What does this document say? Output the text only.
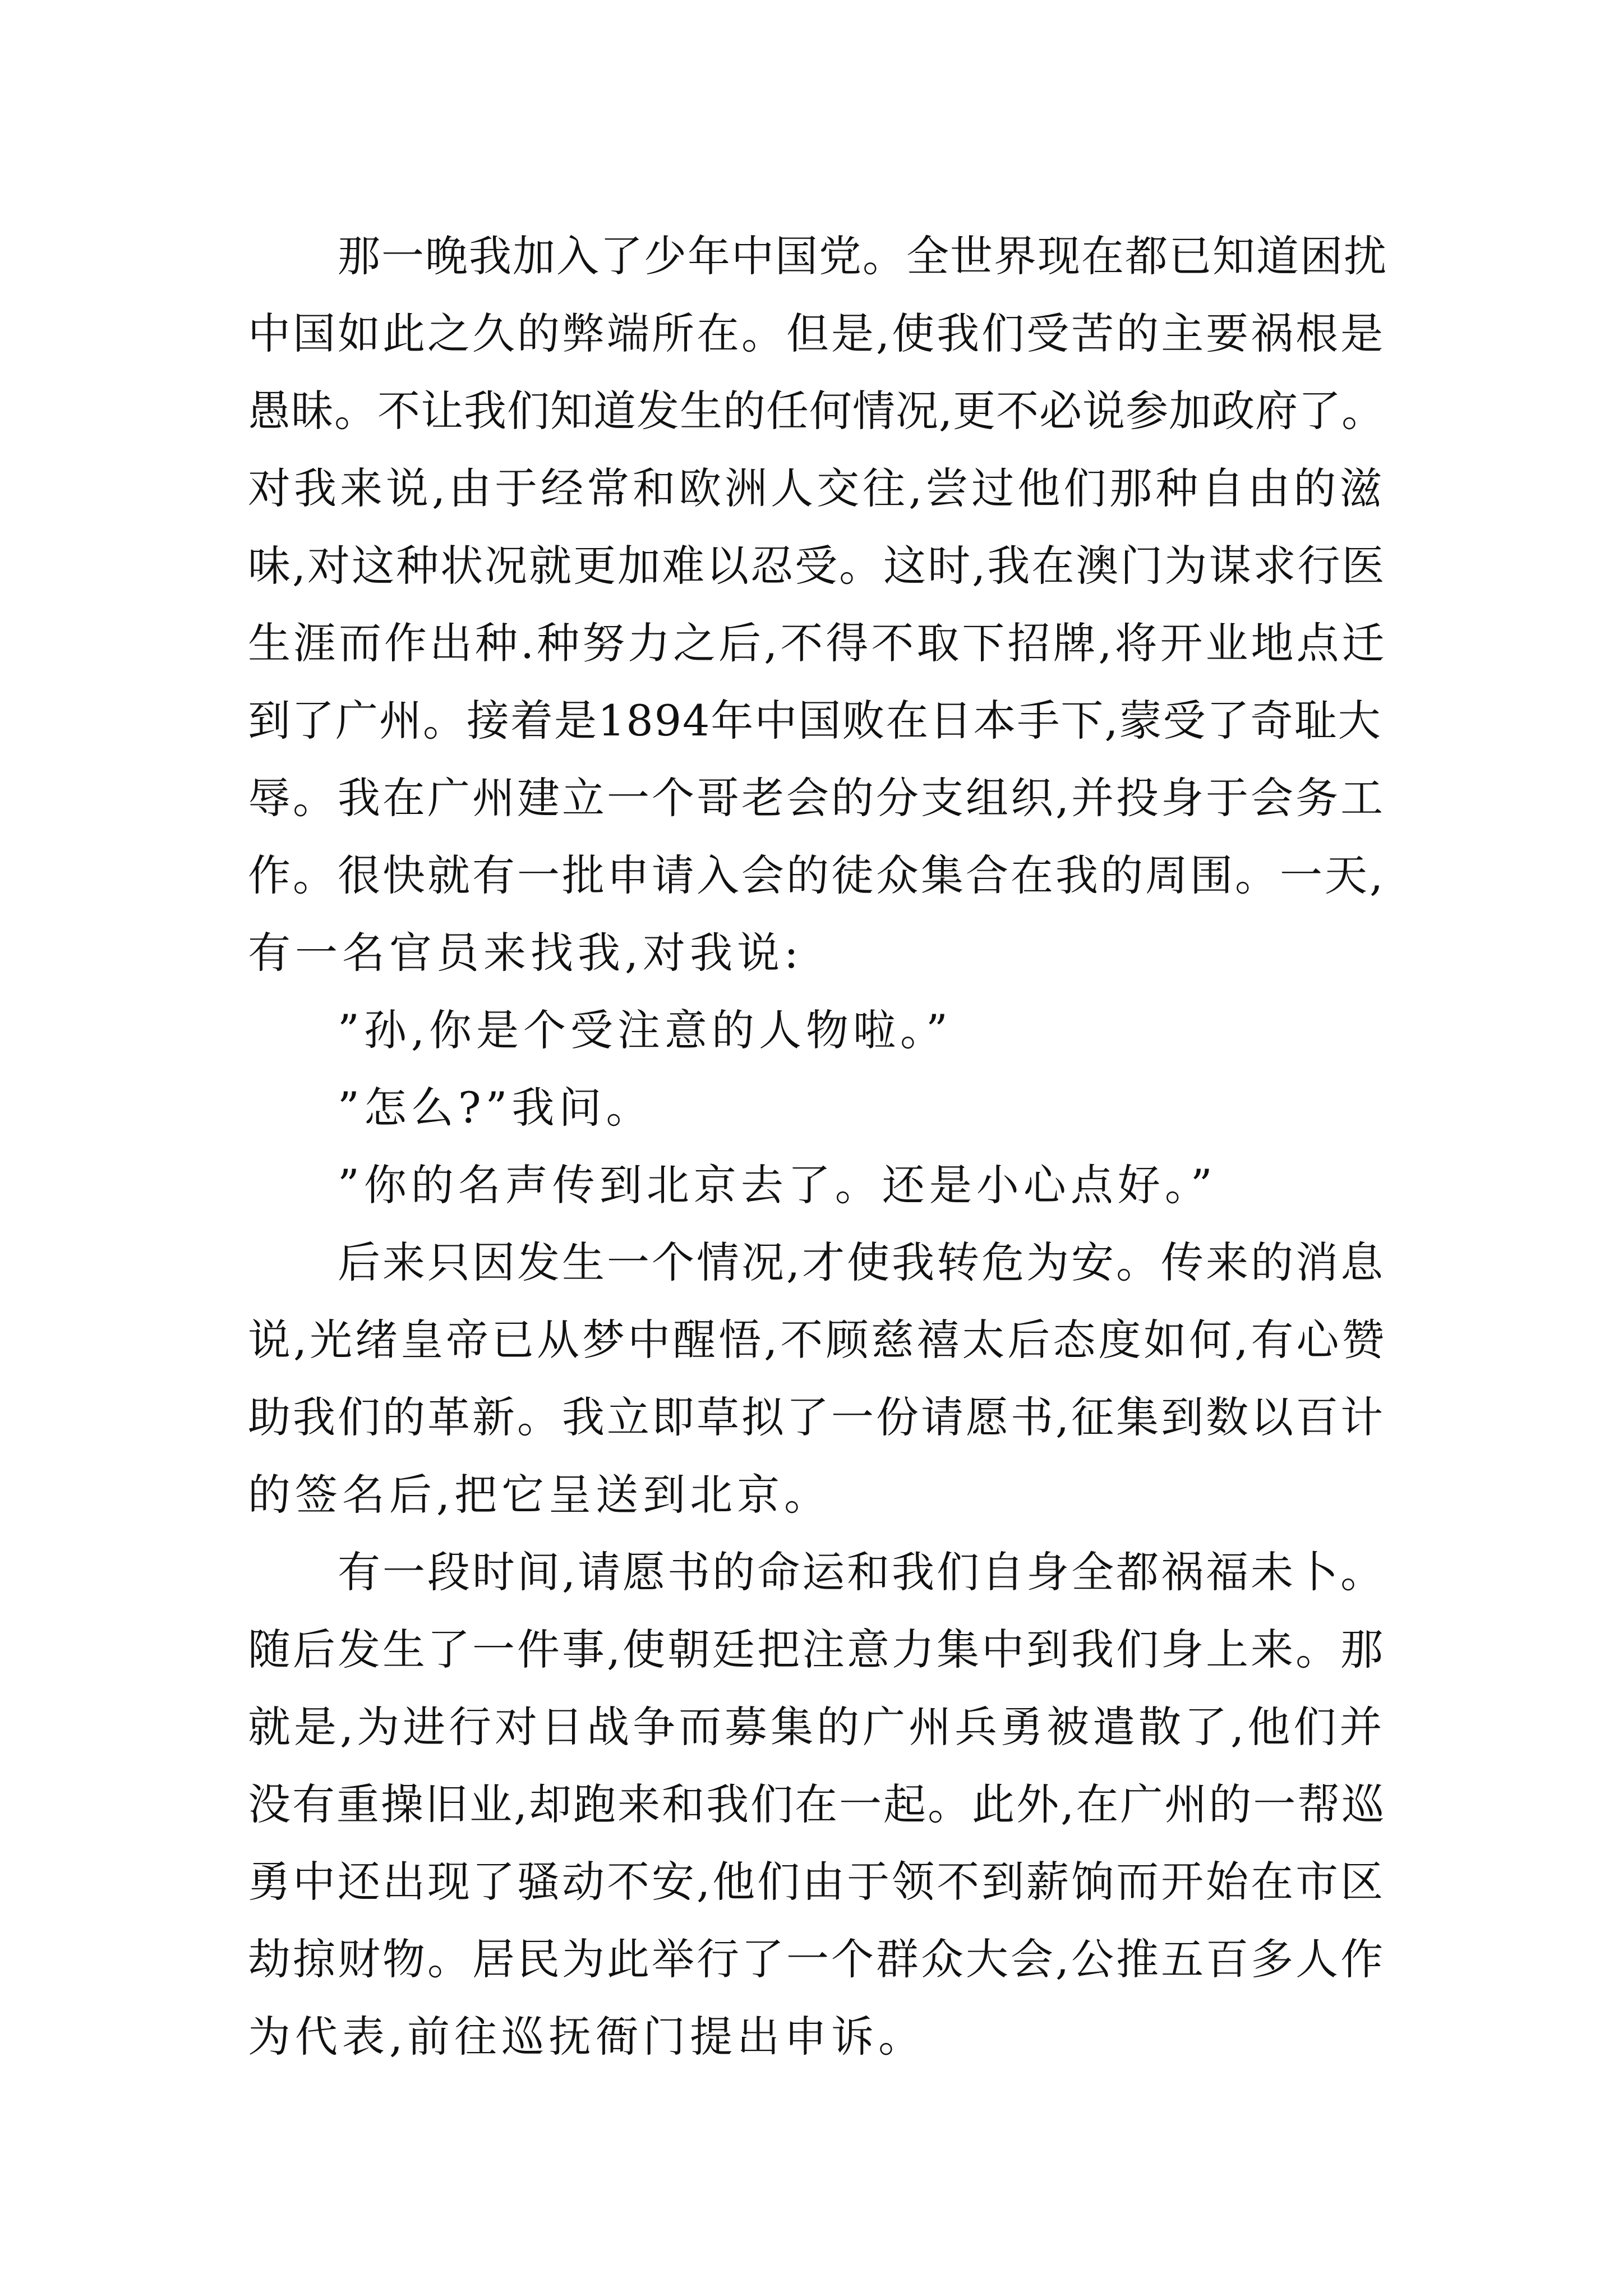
那一晚我加入了少年中国党。全世界现在都已知道困扰
中国如此之久的弊端所在。但是,使我们受苦的主要祸根是
愚昧。不让我们知道发生的任何情况,更不必说参加政府了。
对我来说,由于经常和欧洲人交往,尝过他们那种自由的滋
味,对这种状况就更加难以忍受。这时,我在澳门为谋求行医
生涯而作出种.种努力之后,不得不取下招牌,将开业地点迁
到了广州。接着是1894年中国败在日本手下,蒙受了奇耻大
辱。我在广州建立一个哥老会的分支组织,并投身于会务工
作。很快就有一批申请入会的徒众集合在我的周围。一天,
有一名官员来找我,对我说:
”孙,你是个受注意的人物啦。”
”怎么?”我问。
”你的名声传到北京去了。还是小心点好。”
后来只因发生一个情况,才使我转危为安。传来的消息
说,光绪皇帝已从梦中醒悟,不顾慈禧太后态度如何,有心赞
助我们的革新。我立即草拟了一份请愿书,征集到数以百计
的签名后,把它呈送到北京。
有一段时间,请愿书的命运和我们自身全都祸福未卜。
随后发生了一件事,使朝廷把注意力集中到我们身上来。那
就是,为进行对日战争而募集的广州兵勇被遣散了,他们并
没有重操旧业,却跑来和我们在一起。此外,在广州的一帮巡
勇中还出现了骚动不安,他们由于领不到薪饷而开始在市区
劫掠财物。居民为此举行了一个群众大会,公推五百多人作
为代表,前往巡抚衙门提出申诉。
